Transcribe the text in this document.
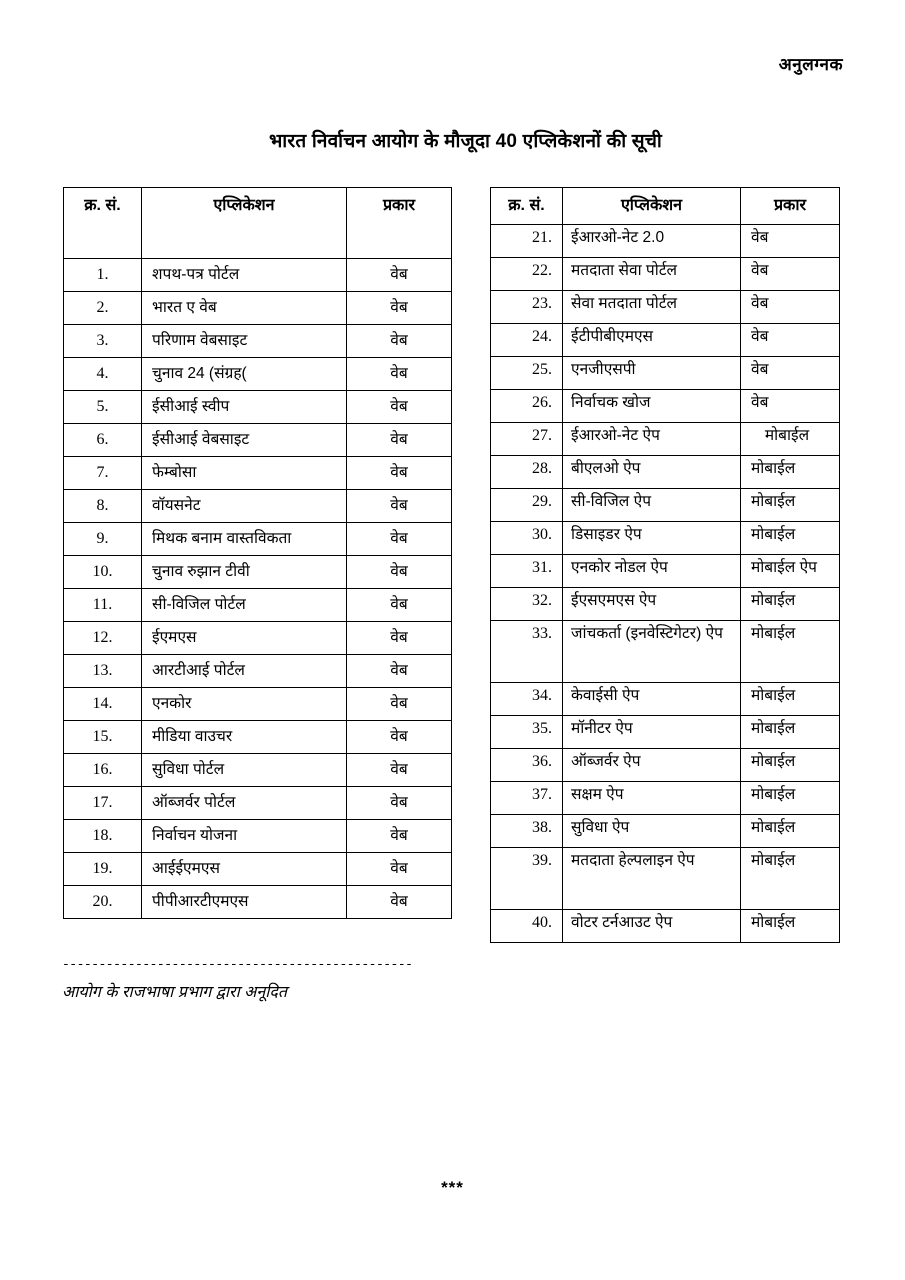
अनुलग्नक
भारत निर्वाचन आयोग के मौजूदा 40 एप्लिकेशनों की सूची
क्र. सं.	एप्लिकेशन	प्रकार
1.	शपथ-पत्र पोर्टल	वेब
2.	भारत ए वेब	वेब
3.	परिणाम वेबसाइट	वेब
4.	चुनाव 24 (संग्रह(	वेब
5.	ईसीआई स्वीप	वेब
6.	ईसीआई वेबसाइट	वेब
7.	फेम्बोसा	वेब
8.	वॉयसनेट	वेब
9.	मिथक बनाम वास्तविकता	वेब
10.	चुनाव रुझान टीवी	वेब
11.	सी-विजिल पोर्टल	वेब
12.	ईएमएस	वेब
13.	आरटीआई पोर्टल	वेब
14.	एनकोर	वेब
15.	मीडिया वाउचर	वेब
16.	सुविधा पोर्टल	वेब
17.	ऑब्जर्वर पोर्टल	वेब
18.	निर्वाचन योजना	वेब
19.	आईईएमएस	वेब
20.	पीपीआरटीएमएस	वेब
क्र. सं.	एप्लिकेशन	प्रकार
21.	ईआरओ-नेट 2.0	वेब
22.	मतदाता सेवा पोर्टल	वेब
23.	सेवा मतदाता पोर्टल	वेब
24.	ईटीपीबीएमएस	वेब
25.	एनजीएसपी	वेब
26.	निर्वाचक खोज	वेब
27.	ईआरओ-नेट ऐप	मोबाईल
28.	बीएलओ ऐप	मोबाईल
29.	सी-विजिल ऐप	मोबाईल
30.	डिसाइडर ऐप	मोबाईल
31.	एनकोर नोडल ऐप	मोबाईल ऐप
32.	ईएसएमएस ऐप	मोबाईल
33.	जांचकर्ता (इनवेस्टिगेटर) ऐप	मोबाईल
34.	केवाईसी ऐप	मोबाईल
35.	मॉनीटर ऐप	मोबाईल
36.	ऑब्जर्वर ऐप	मोबाईल
37.	सक्षम ऐप	मोबाईल
38.	सुविधा ऐप	मोबाईल
39.	मतदाता हेल्पलाइन ऐप	मोबाईल
40.	वोटर टर्नआउट ऐप	मोबाईल
------------------------------------------------
आयोग के राजभाषा प्रभाग द्वारा अनूदित
***
